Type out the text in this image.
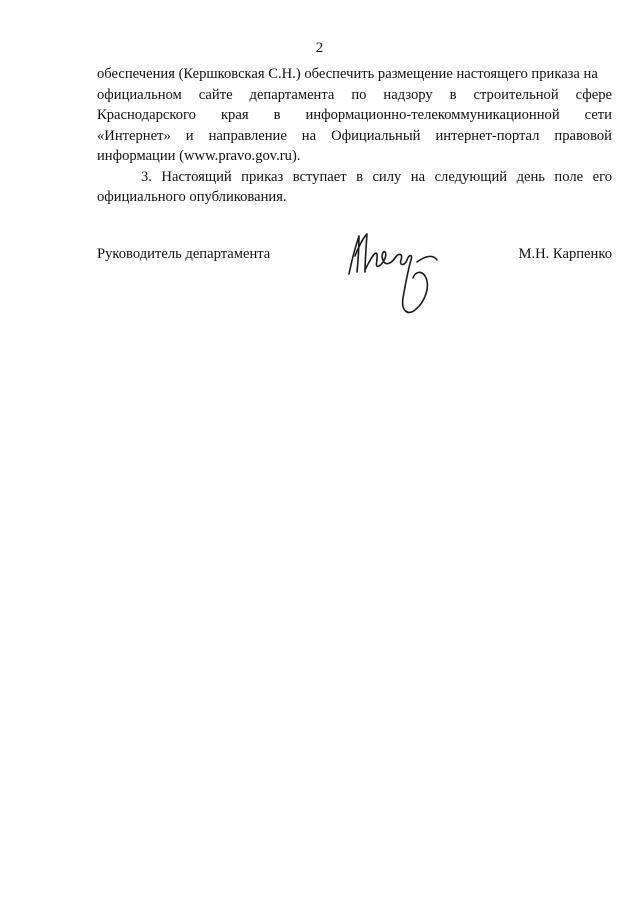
2
обеспечения (Кершковская С.Н.) обеспечить размещение настоящего приказа на
официальном сайте департамента по надзору в строительной сфере
Краснодарского края в информационно-телекоммуникационной сети
«Интернет» и направление на Официальный интернет-портал правовой
информации (www.pravo.gov.ru).
3. Настоящий приказ вступает в силу на следующий день поле его
официального опубликования.
Руководитель департамента	М.Н. Карпенко
